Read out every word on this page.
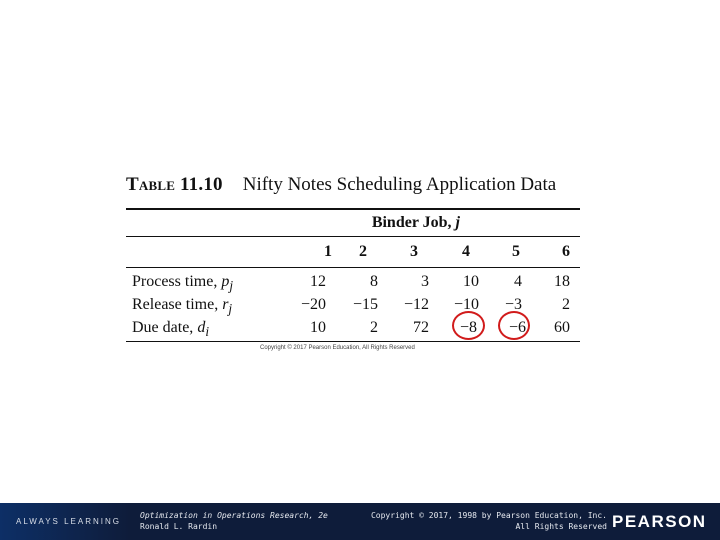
Table 11.10 Nifty Notes Scheduling Application Data
Binder Job, j
1	2	3	4	5	6
Process time, $p_j$	12	8	3	10	4	18
Release time, $r_j$	−20	−15	−12	−10	−3	2
Due date, $d_i$	10	2	72	−8	−6	60
Copyright © 2017 Pearson Education, All Rights Reserved
ALWAYS LEARNING
Optimization in Operations Research, 2e
Ronald L. Rardin
Copyright © 2017, 1998 by Pearson Education, Inc.
All Rights Reserved PEARSON
